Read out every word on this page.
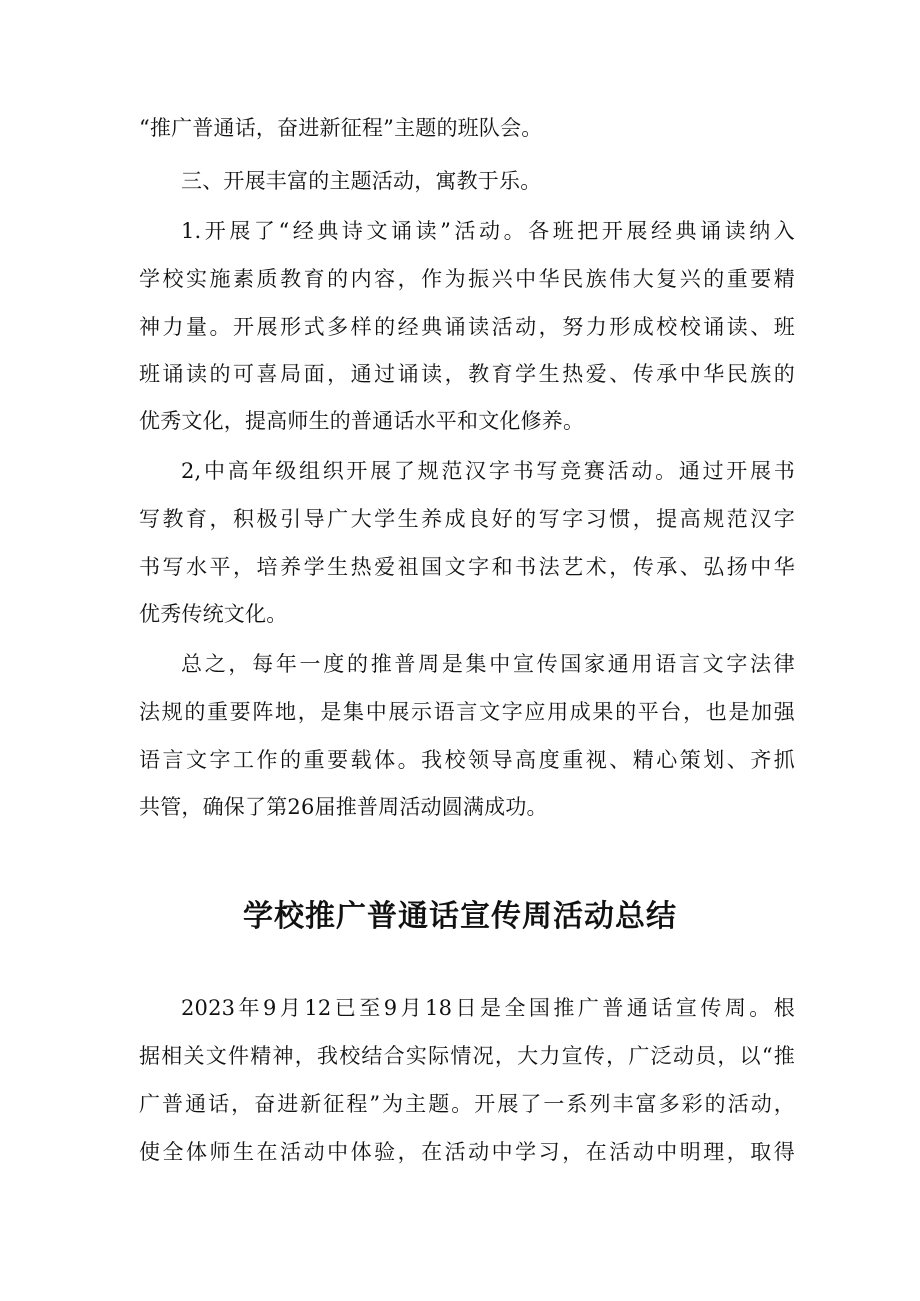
“推广普通话，奋进新征程”主题的班队会。
三、开展丰富的主题活动，寓教于乐。
1.开展了“经典诗文诵读”活动。各班把开展经典诵读纳入
学校实施素质教育的内容，作为振兴中华民族伟大复兴的重要精
神力量。开展形式多样的经典诵读活动，努力形成校校诵读、班
班诵读的可喜局面，通过诵读，教育学生热爱、传承中华民族的
优秀文化，提高师生的普通话水平和文化修养。
2,中高年级组织开展了规范汉字书写竞赛活动。通过开展书
写教育，积极引导广大学生养成良好的写字习惯，提高规范汉字
书写水平，培养学生热爱祖国文字和书法艺术，传承、弘扬中华
优秀传统文化。
总之，每年一度的推普周是集中宣传国家通用语言文字法律
法规的重要阵地，是集中展示语言文字应用成果的平台，也是加强
语言文字工作的重要载体。我校领导高度重视、精心策划、齐抓
共管，确保了第26届推普周活动圆满成功。
学校推广普通话宣传周活动总结
2023年9月12已至9月18日是全国推广普通话宣传周。根
据相关文件精神，我校结合实际情况，大力宣传，广泛动员，以“推
广普通话，奋进新征程”为主题。开展了一系列丰富多彩的活动，
使全体师生在活动中体验，在活动中学习，在活动中明理，取得
